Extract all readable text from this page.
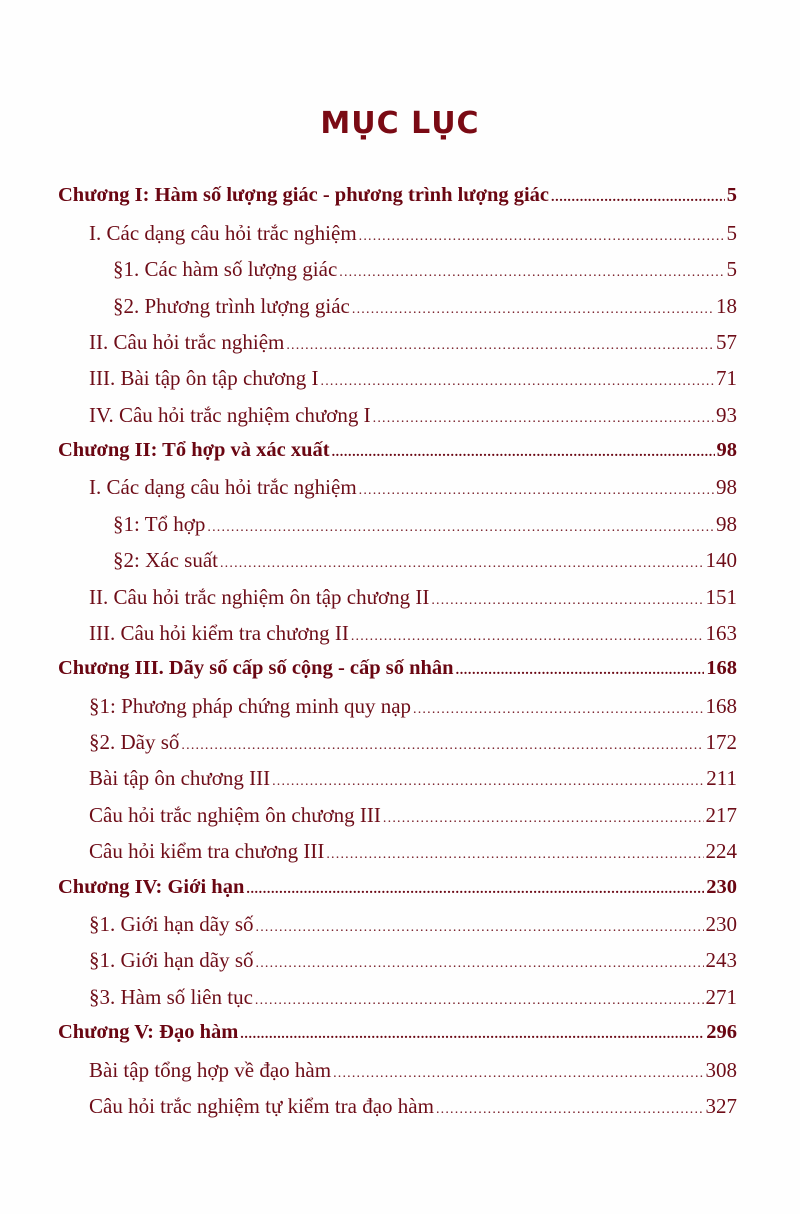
MỤC LỤC
Chương I: Hàm số lượng giác - phương trình lượng giác .....	5
I. Các dạng câu hỏi trắc nghiệm .....	5
§1. Các hàm số lượng giác .....	5
§2. Phương trình lượng giác .....	18
II. Câu hỏi trắc nghiệm .....	57
III. Bài tập ôn tập chương I .....	71
IV. Câu hỏi trắc nghiệm chương I .....	93
Chương II: Tổ hợp và xác xuất .....	98
I. Các dạng câu hỏi trắc nghiệm .....	98
§1: Tổ hợp .....	98
§2: Xác suất .....	140
II. Câu hỏi trắc nghiệm ôn tập chương II .....	151
III. Câu hỏi kiểm tra chương II .....	163
Chương III. Dãy số cấp số cộng - cấp số nhân .....	168
§1: Phương pháp chứng minh quy nạp .....	168
§2. Dãy số .....	172
Bài tập ôn chương III .....	211
Câu hỏi trắc nghiệm ôn chương III .....	217
Câu hỏi kiểm tra chương III .....	224
Chương IV: Giới hạn .....	230
§1. Giới hạn dãy số .....	230
§1. Giới hạn dãy số .....	243
§3. Hàm số liên tục .....	271
Chương V: Đạo hàm .....	296
Bài tập tổng hợp về đạo hàm .....	308
Câu hỏi trắc nghiệm tự kiểm tra đạo hàm .....	327
